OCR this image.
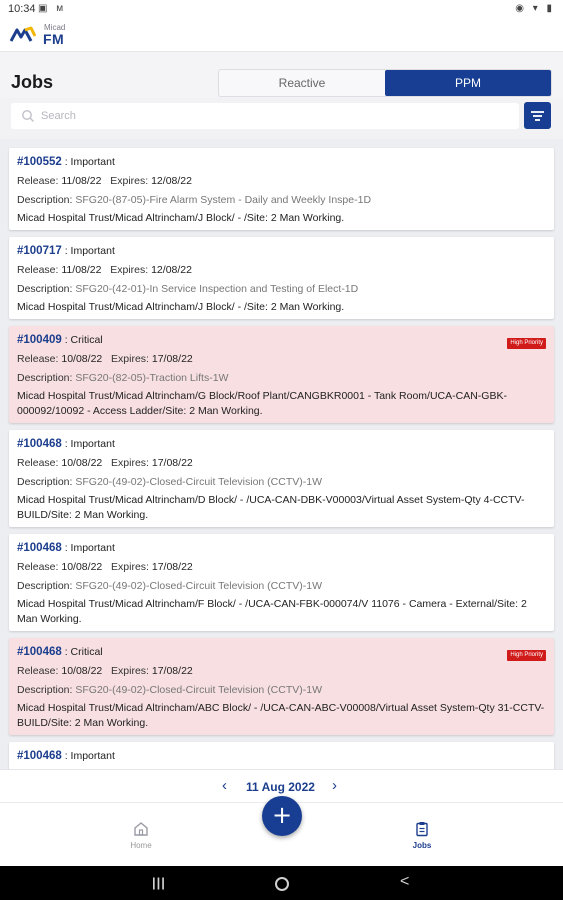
10:34 ▣ ᴍ	◉ ▾ ▮
Micad
FM
Jobs	Reactive	PPM
Search
#100552 : Important
Release: 11/08/22 Expires: 12/08/22
Description: SFG20-(87-05)-Fire Alarm System - Daily and Weekly Inspe-1D
Micad Hospital Trust/Micad Altrincham/J Block/ - /Site: 2 Man Working.
#100717 : Important
Release: 11/08/22 Expires: 12/08/22
Description: SFG20-(42-01)-In Service Inspection and Testing of Elect-1D
Micad Hospital Trust/Micad Altrincham/J Block/ - /Site: 2 Man Working.
High Priority
#100409 : Critical
Release: 10/08/22 Expires: 17/08/22
Description: SFG20-(82-05)-Traction Lifts-1W
Micad Hospital Trust/Micad Altrincham/G Block/Roof Plant/CANGBKR0001 - Tank Room/UCA-CAN-GBK-000092/10092 - Access Ladder/Site: 2 Man Working.
#100468 : Important
Release: 10/08/22 Expires: 17/08/22
Description: SFG20-(49-02)-Closed-Circuit Television (CCTV)-1W
Micad Hospital Trust/Micad Altrincham/D Block/ - /UCA-CAN-DBK-V00003/Virtual Asset System-Qty 4-CCTV-BUILD/Site: 2 Man Working.
#100468 : Important
Release: 10/08/22 Expires: 17/08/22
Description: SFG20-(49-02)-Closed-Circuit Television (CCTV)-1W
Micad Hospital Trust/Micad Altrincham/F Block/ - /UCA-CAN-FBK-000074/V 11076 - Camera - External/Site: 2 Man Working.
High Priority
#100468 : Critical
Release: 10/08/22 Expires: 17/08/22
Description: SFG20-(49-02)-Closed-Circuit Television (CCTV)-1W
Micad Hospital Trust/Micad Altrincham/ABC Block/ - /UCA-CAN-ABC-V00008/Virtual Asset System-Qty 31-CCTV-BUILD/Site: 2 Man Working.
#100468 : Important
‹ 11 Aug 2022 ›
Home	Jobs
+
|||	<
